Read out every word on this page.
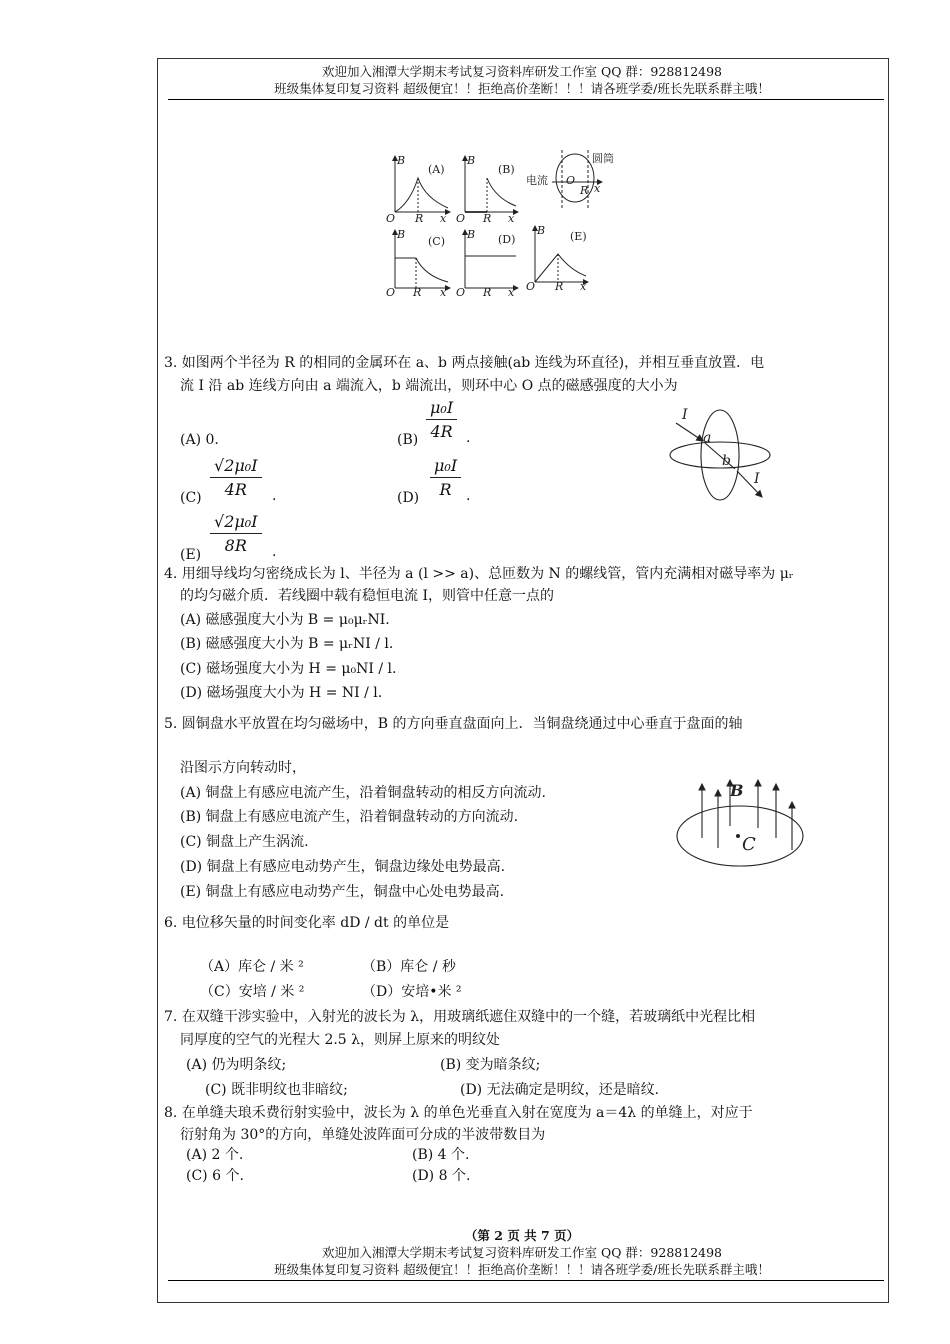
欢迎加入湘潭大学期末考试复习资料库研发工作室 QQ 群：928812498
班级集体复印复习资料 超级便宜！！拒绝高价垄断！！！请各班学委/班长先联系群主哦！
B
O R x
B
O R x
B
O R x
B
O R x
B
O R x
O
R x
(A)	(B)
(C)	(D)	(E)
电流
圆筒
3. 如图两个半径为 R 的相同的金属环在 a、b 两点接触(ab 连线为环直径)，并相互垂直放置．电
流 I 沿 ab 连线方向由 a 端流入，b 端流出，则环中心 O 点的磁感强度的大小为
(A) 0.	(B)
μ₀I
4R .
(C)
√2μ₀I
4R	.	(D)
μ₀I
R	.
(E)
√2μ₀I
8R	.
I
a
b
I
4. 用细导线均匀密绕成长为 l、半径为 a (l >> a)、总匝数为 N 的螺线管，管内充满相对磁导率为 μᵣ
的均匀磁介质．若线圈中载有稳恒电流 I，则管中任意一点的
(A) 磁感强度大小为 B = μ₀μᵣNI.
(B) 磁感强度大小为 B = μᵣNI / l.
(C) 磁场强度大小为 H = μ₀NI / l.
(D) 磁场强度大小为 H = NI / l.
5. 圆铜盘水平放置在均匀磁场中，B 的方向垂直盘面向上．当铜盘绕通过中心垂直于盘面的轴
沿图示方向转动时，
(A) 铜盘上有感应电流产生，沿着铜盘转动的相反方向流动.
(B) 铜盘上有感应电流产生，沿着铜盘转动的方向流动.
(C) 铜盘上产生涡流.
(D) 铜盘上有感应电动势产生，铜盘边缘处电势最高.
(E) 铜盘上有感应电动势产生，铜盘中心处电势最高.
B
C
6. 电位移矢量的时间变化率 dD / dt 的单位是
（A）库仑 / 米 ²	（B）库仑 / 秒
（C）安培 / 米 ²	（D）安培•米 ²
7. 在双缝干涉实验中，入射光的波长为 λ，用玻璃纸遮住双缝中的一个缝，若玻璃纸中光程比相
同厚度的空气的光程大 2.5 λ，则屏上原来的明纹处
(A) 仍为明条纹;	(B) 变为暗条纹;
(C) 既非明纹也非暗纹;	(D) 无法确定是明纹，还是暗纹.
8. 在单缝夫琅禾费衍射实验中，波长为 λ 的单色光垂直入射在宽度为 a＝4λ 的单缝上，对应于
衍射角为 30°的方向，单缝处波阵面可分成的半波带数目为
(A) 2 个.	(B) 4 个.
(C) 6 个.	(D) 8 个.
（第 2 页 共 7 页）
欢迎加入湘潭大学期末考试复习资料库研发工作室 QQ 群：928812498
班级集体复印复习资料 超级便宜！！拒绝高价垄断！！！请各班学委/班长先联系群主哦！
